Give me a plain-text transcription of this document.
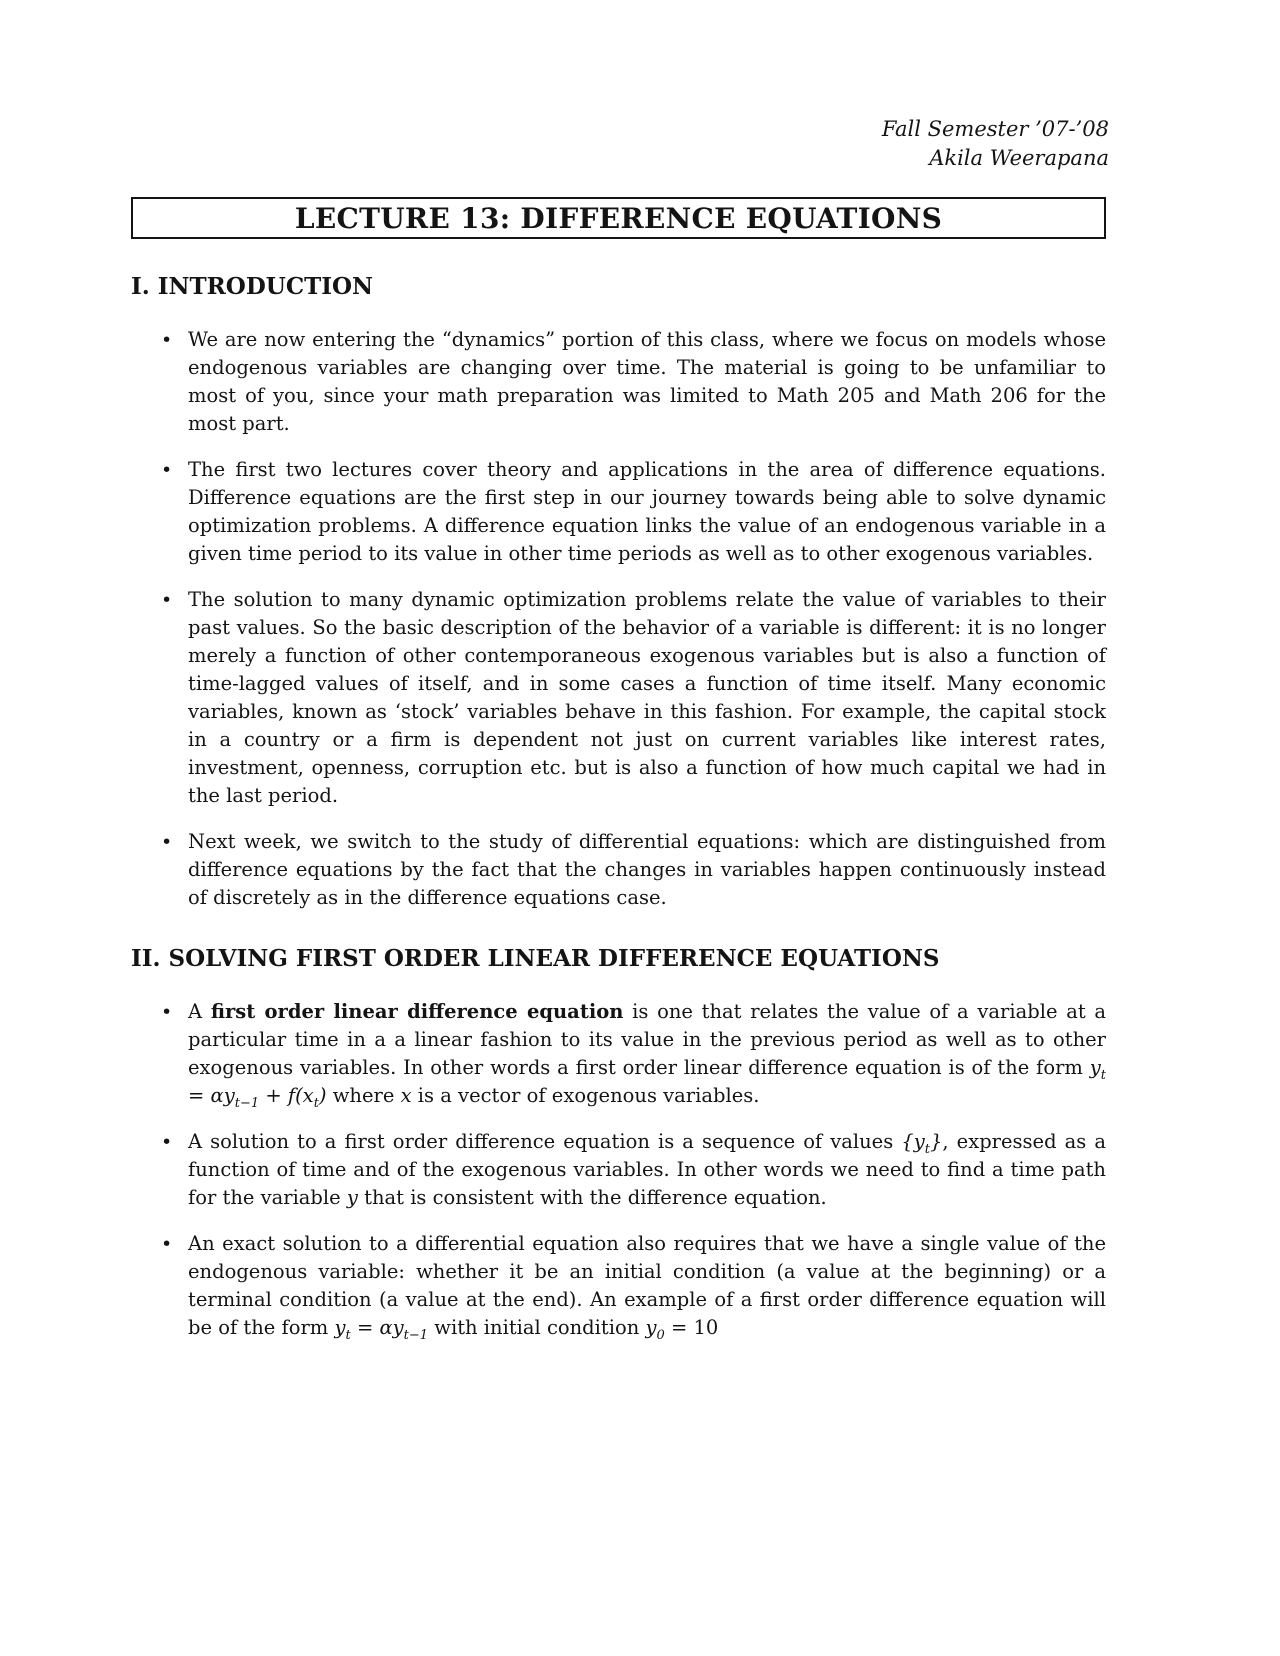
Fall Semester ’07-’08
Akila Weerapana
LECTURE 13: DIFFERENCE EQUATIONS
I. INTRODUCTION
• We are now entering the “dynamics” portion of this class, where we focus on models whose endogenous variables are changing over time. The material is going to be unfamiliar to most of you, since your math preparation was limited to Math 205 and Math 206 for the most part.
• The first two lectures cover theory and applications in the area of difference equations. Difference equations are the first step in our journey towards being able to solve dynamic optimization problems. A difference equation links the value of an endogenous variable in a given time period to its value in other time periods as well as to other exogenous variables.
• The solution to many dynamic optimization problems relate the value of variables to their past values. So the basic description of the behavior of a variable is different: it is no longer merely a function of other contemporaneous exogenous variables but is also a function of time-lagged values of itself, and in some cases a function of time itself. Many economic variables, known as ‘stock’ variables behave in this fashion. For example, the capital stock in a country or a firm is dependent not just on current variables like interest rates, investment, openness, corruption etc. but is also a function of how much capital we had in the last period.
• Next week, we switch to the study of differential equations: which are distinguished from difference equations by the fact that the changes in variables happen continuously instead of discretely as in the difference equations case.
II. SOLVING FIRST ORDER LINEAR DIFFERENCE EQUATIONS
• A first order linear difference equation is one that relates the value of a variable at a particular time in a a linear fashion to its value in the previous period as well as to other exogenous variables. In other words a first order linear difference equation is of the form $y_t = \alpha y_{t-1} + f(x_t)$ where x is a vector of exogenous variables.
• A solution to a first order difference equation is a sequence of values $\{y_t\}$, expressed as a function of time and of the exogenous variables. In other words we need to find a time path for the variable y that is consistent with the difference equation.
• An exact solution to a differential equation also requires that we have a single value of the endogenous variable: whether it be an initial condition (a value at the beginning) or a terminal condition (a value at the end). An example of a first order difference equation will be of the form $y_t = \alpha y_{t-1}$ with initial condition $y_0 = 10$
